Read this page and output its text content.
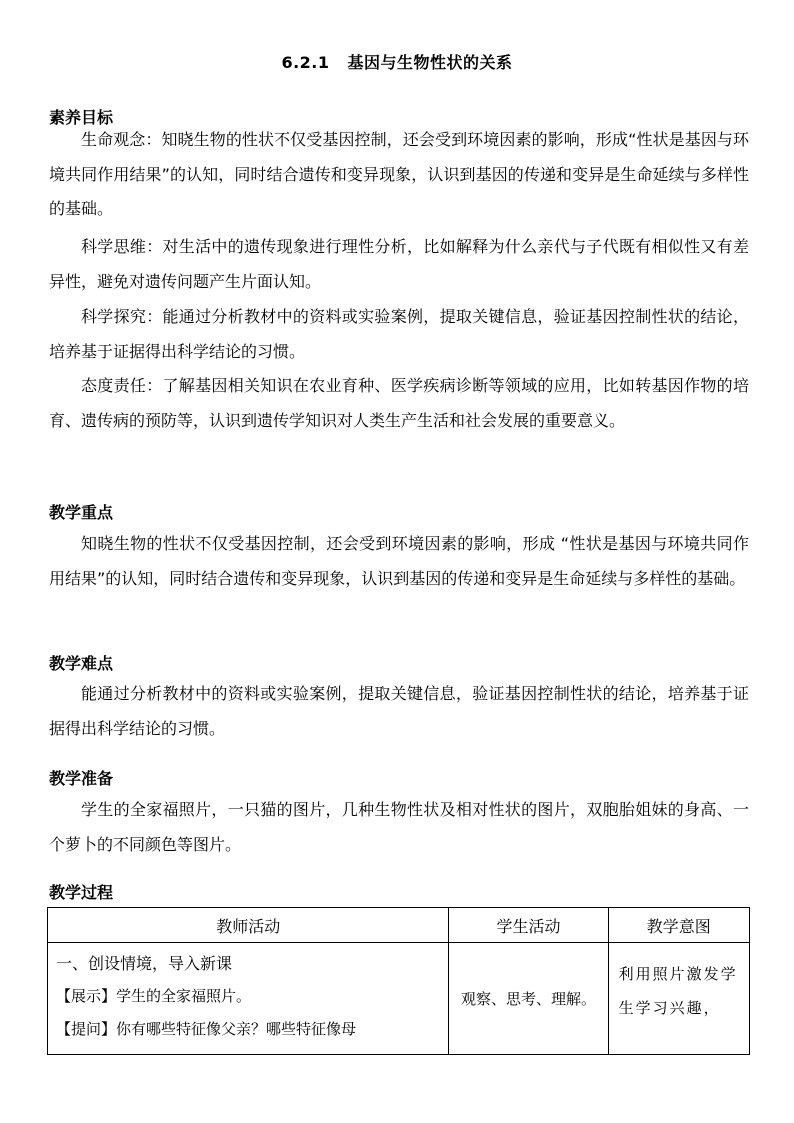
6.2.1 基因与生物性状的关系
素养目标

生命观念：知晓生物的性状不仅受基因控制，还会受到环境因素的影响，形成“性状是基因与环境共同作用结果”的认知，同时结合遗传和变异现象，认识到基因的传递和变异是生命延续与多样性的基础。

科学思维：对生活中的遗传现象进行理性分析，比如解释为什么亲代与子代既有相似性又有差异性，避免对遗传问题产生片面认知。

科学探究：能通过分析教材中的资料或实验案例，提取关键信息，验证基因控制性状的结论，培养基于证据得出科学结论的习惯。

态度责任：了解基因相关知识在农业育种、医学疾病诊断等领域的应用，比如转基因作物的培育、遗传病的预防等，认识到遗传学知识对人类生产生活和社会发展的重要意义。

教学重点

知晓生物的性状不仅受基因控制，还会受到环境因素的影响，形成 “性状是基因与环境共同作用结果”的认知，同时结合遗传和变异现象，认识到基因的传递和变异是生命延续与多样性的基础。

教学难点

能通过分析教材中的资料或实验案例，提取关键信息，验证基因控制性状的结论，培养基于证据得出科学结论的习惯。

教学准备

学生的全家福照片，一只猫的图片，几种生物性状及相对性状的图片，双胞胎姐妹的身高、一个萝卜的不同颜色等图片。

教学过程
教师活动	学生活动	教学意图

一、创设情境，导入新课
【展示】学生的全家福照片。
【提问】你有哪些特征像父亲？哪些特征像母	观察、思考、理解。	利用照片激发学生学习兴趣，
